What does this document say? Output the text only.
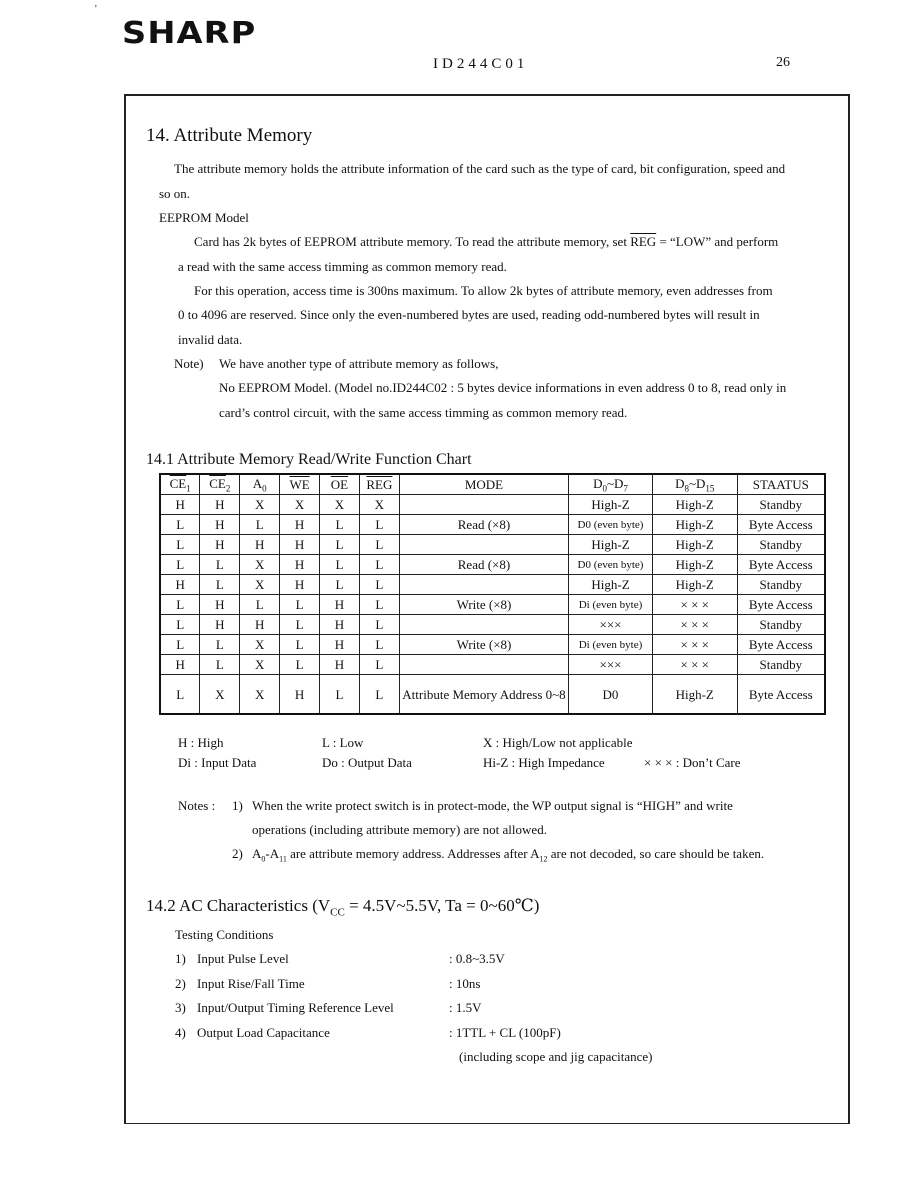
'
SHARP
ID244C01	26
14. Attribute Memory
The attribute memory holds the attribute information of the card such as the type of card, bit configuration, speed and
so on.
EEPROM Model
Card has 2k bytes of EEPROM attribute memory. To read the attribute memory, set $\overline{REG}$ = “LOW” and perform
a read with the same access timming as common memory read.
For this operation, access time is 300ns maximum. To allow 2k bytes of attribute memory, even addresses from
0 to 4096 are reserved. Since only the even-numbered bytes are used, reading odd-numbered bytes will result in
invalid data.
Note) We have another type of attribute memory as follows,
No EEPROM Model. (Model no.ID244C02 : 5 bytes device informations in even address 0 to 8, read only in
card’s control circuit, with the same access timming as common memory read.
14.1 Attribute Memory Read/Write Function Chart
$\overline{CE}_1$	$\overline{CE}_2$	$A_0$	$\overline{WE}$	$\overline{OE}$	$\overline{REG}$	MODE	$D_0\sim D_7$	$D_8\sim D_{15}$	STAATUS
H	H	X	X	X	X		High-Z	High-Z	Standby
L	H	L	H	L	L	Read (×8)	D0 (even byte)	High-Z	Byte Access
L	H	H	H	L	L		High-Z	High-Z	Standby
L	L	X	H	L	L	Read (×8)	D0 (even byte)	High-Z	Byte Access
H	L	X	H	L	L		High-Z	High-Z	Standby
L	H	L	L	H	L	Write (×8)	Di (even byte)	× × ×	Byte Access
L	H	H	L	H	L		×××	× × ×	Standby
L	L	X	L	H	L	Write (×8)	Di (even byte)	× × ×	Byte Access
H	L	X	L	H	L		×××	× × ×	Standby
L	X	X	H	L	L	Attribute Memory Address 0~8	D0	High-Z	Byte Access
H : High	L : Low	X : High/Low not applicable
Di : Input Data	Do : Output Data	Hi-Z : High Impedance	× × × : Don’t Care
Notes : 1) When the write protect switch is in protect-mode, the WP output signal is “HIGH” and write
operations (including attribute memory) are not allowed.
2) $A_0-A_{11}$ are attribute memory address. Addresses after $A_{12}$ are not decoded, so care should be taken.
14.2 AC Characteristics ($V_{CC}$ = 4.5V~5.5V, Ta = 0~60℃)
Testing Conditions
1) Input Pulse Level	: 0.8~3.5V
2) Input Rise/Fall Time	: 10ns
3) Input/Output Timing Reference Level	: 1.5V
4) Output Load Capacitance	: 1TTL + CL (100pF)
(including scope and jig capacitance)
